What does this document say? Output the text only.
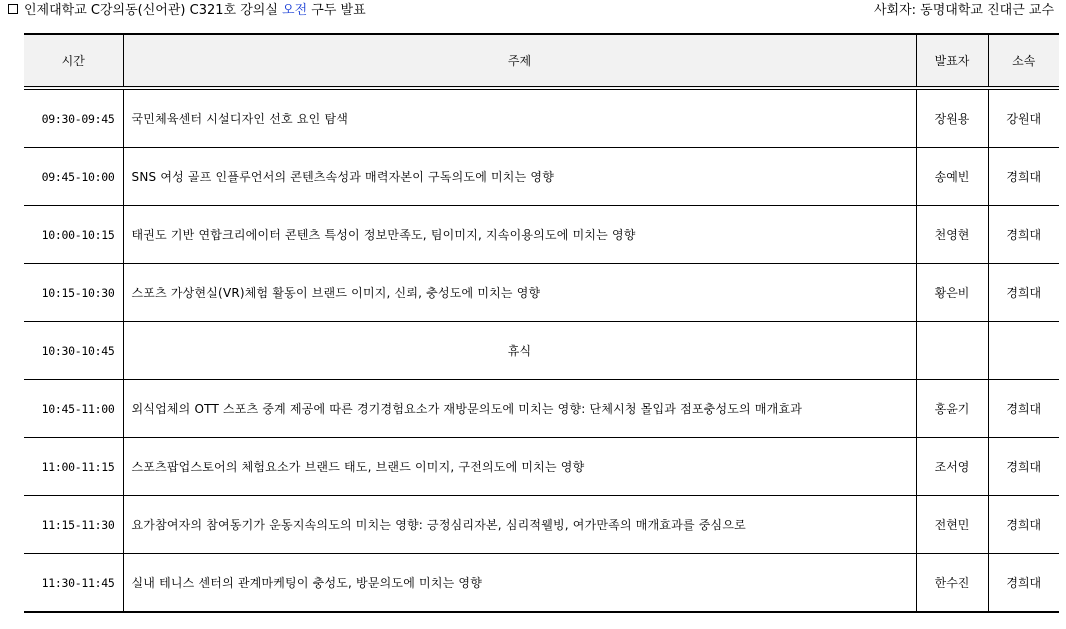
인제대학교 C강의동(신어관) C321호 강의실 오전 구두 발표	사회자: 동명대학교 진대근 교수
시간	주제	발표자	소속
09:30-09:45	국민체육센터 시설디자인 선호 요인 탐색	장원용	강원대
09:45-10:00	SNS 여성 골프 인플루언서의 콘텐츠속성과 매력자본이 구독의도에 미치는 영향	송예빈	경희대
10:00-10:15	태권도 기반 연합크리에이터 콘텐츠 특성이 정보만족도, 팀이미지, 지속이용의도에 미치는 영향	천영현	경희대
10:15-10:30	스포츠 가상현실(VR)체험 활동이 브랜드 이미지, 신뢰, 충성도에 미치는 영향	황은비	경희대
10:30-10:45	휴식		
10:45-11:00	외식업체의 OTT 스포츠 중계 제공에 따른 경기경험요소가 재방문의도에 미치는 영향: 단체시청 몰입과 점포충성도의 매개효과	홍윤기	경희대
11:00-11:15	스포츠팝업스토어의 체험요소가 브랜드 태도, 브랜드 이미지, 구전의도에 미치는 영향	조서영	경희대
11:15-11:30	요가참여자의 참여동기가 운동지속의도의 미치는 영향: 긍정심리자본, 심리적웰빙, 여가만족의 매개효과를 중심으로	전현민	경희대
11:30-11:45	실내 테니스 센터의 관계마케팅이 충성도, 방문의도에 미치는 영향	한수진	경희대
